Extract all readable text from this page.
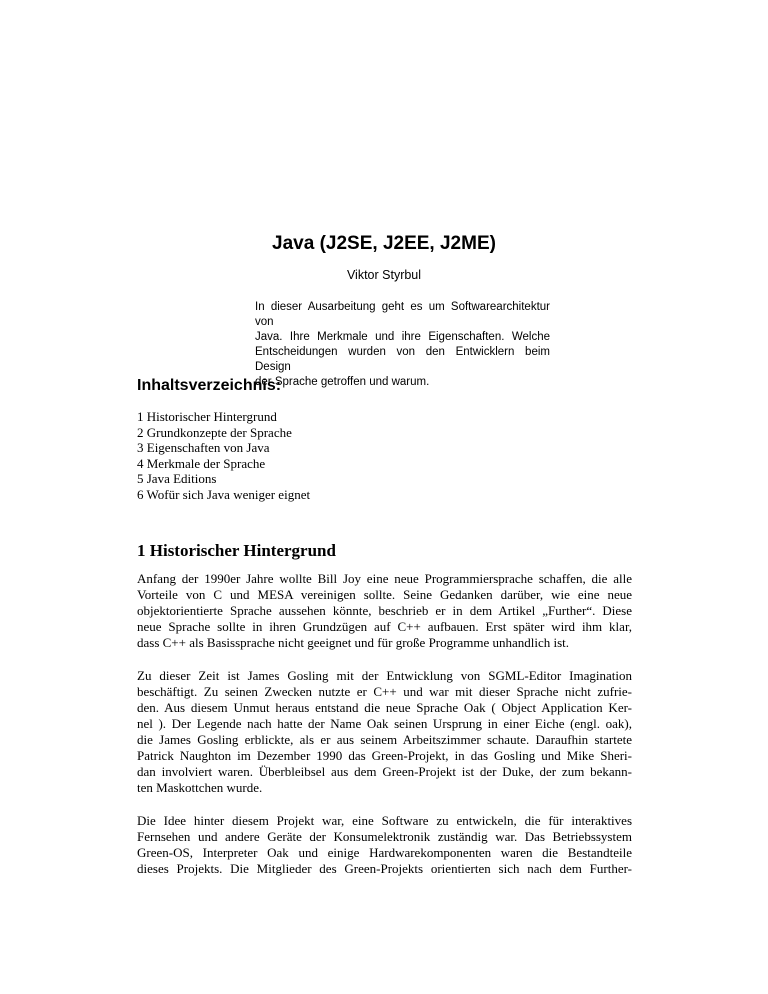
Java (J2SE, J2EE, J2ME)

Viktor Styrbul

In dieser Ausarbeitung geht es um Softwarearchitektur von
Java. Ihre Merkmale und ihre Eigenschaften. Welche
Entscheidungen wurden von den Entwicklern beim Design
der Sprache getroffen und warum.

Inhaltsverzeichnis:
1 Historischer Hintergrund
2 Grundkonzepte der Sprache
3 Eigenschaften von Java
4 Merkmale der Sprache
5 Java Editions
6 Wofür sich Java weniger eignet
1 Historischer Hintergrund

Anfang der 1990er Jahre wollte Bill Joy eine neue Programmiersprache schaffen, die alle
Vorteile von C und MESA vereinigen sollte. Seine Gedanken darüber, wie eine neue
objektorientierte Sprache aussehen könnte, beschrieb er in dem Artikel „Further“. Diese
neue Sprache sollte in ihren Grundzügen auf C++ aufbauen. Erst später wird ihm klar,
dass C++ als Basissprache nicht geeignet und für große Programme unhandlich ist.

Zu dieser Zeit ist James Gosling mit der Entwicklung von SGML-Editor Imagination
beschäftigt. Zu seinen Zwecken nutzte er C++ und war mit dieser Sprache nicht zufrie-
den. Aus diesem Unmut heraus entstand die neue Sprache Oak ( Object Application Ker-
nel ). Der Legende nach hatte der Name Oak seinen Ursprung in einer Eiche (engl. oak),
die James Gosling erblickte, als er aus seinem Arbeitszimmer schaute. Daraufhin startete
Patrick Naughton im Dezember 1990 das Green-Projekt, in das Gosling und Mike Sheri-
dan involviert waren. Überbleibsel aus dem Green-Projekt ist der Duke, der zum bekann-
ten Maskottchen wurde.

Die Idee hinter diesem Projekt war, eine Software zu entwickeln, die für interaktives
Fernsehen und andere Geräte der Konsumelektronik zuständig war. Das Betriebssystem
Green-OS, Interpreter Oak und einige Hardwarekomponenten waren die Bestandteile
dieses Projekts. Die Mitglieder des Green-Projekts orientierten sich nach dem Further-
